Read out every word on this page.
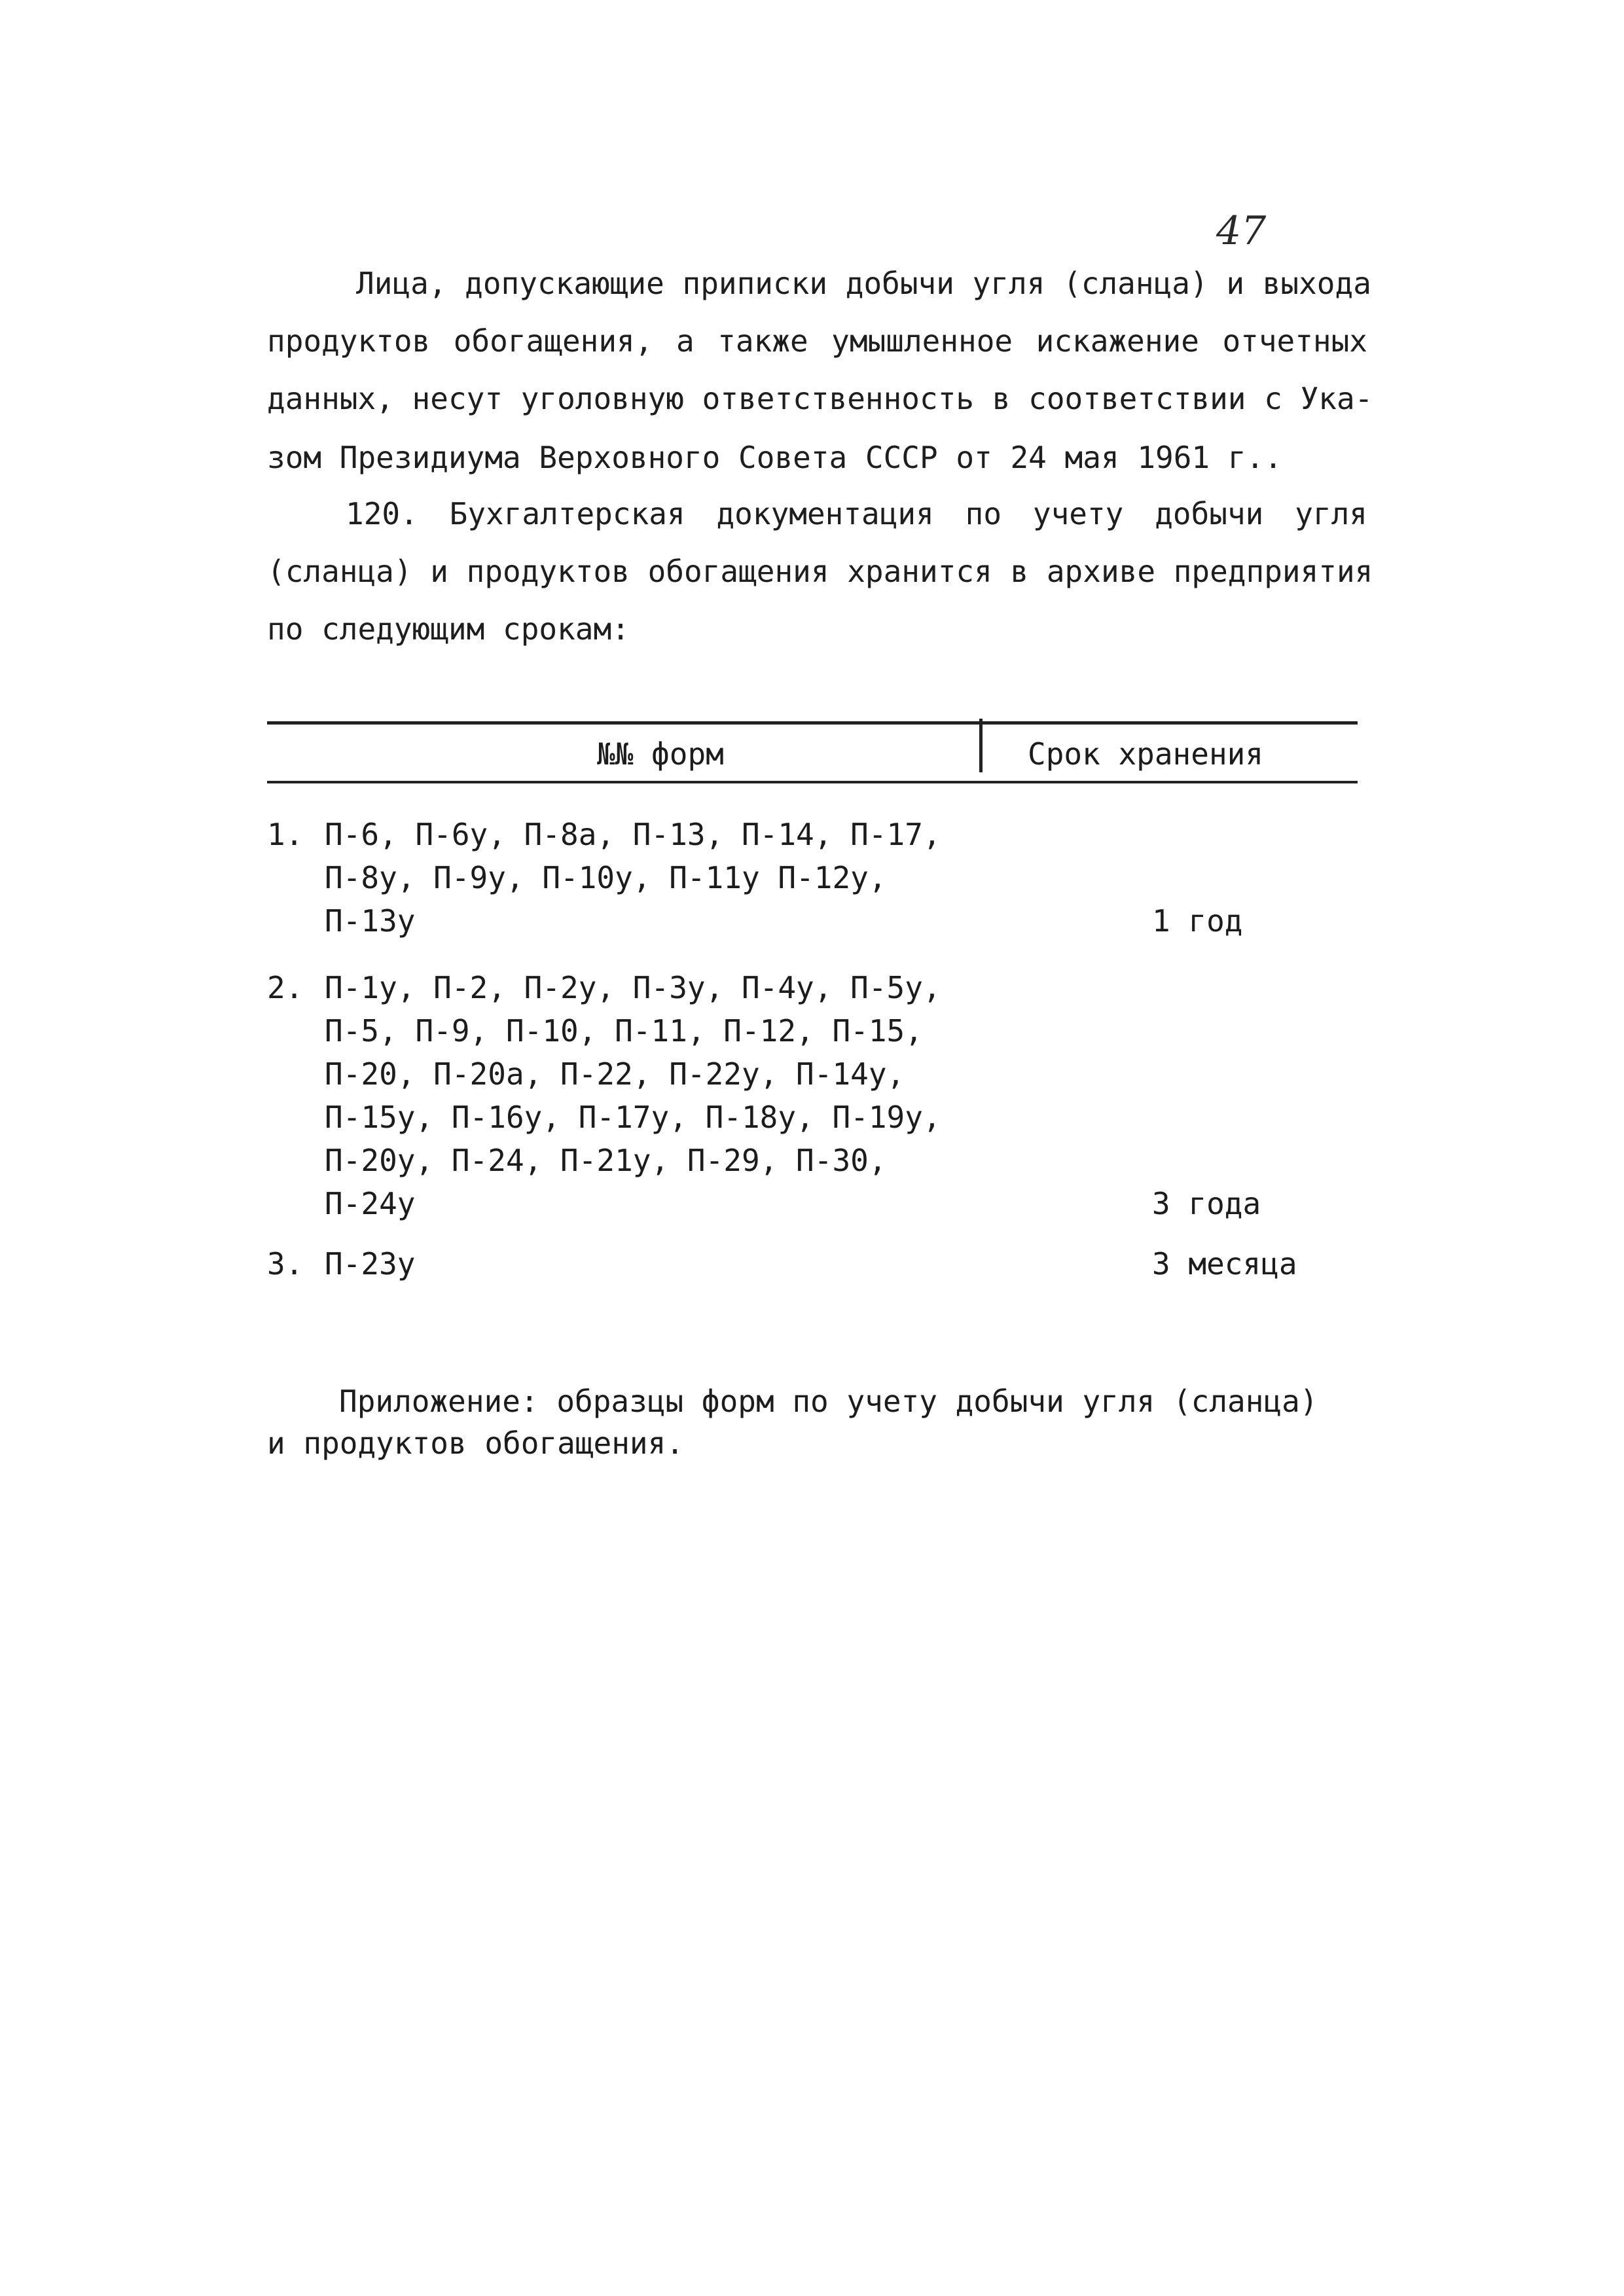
47
Лица, допускающие приписки добычи угля (сланца) и выхода
продуктов обогащения, а также умышленное искажение отчетных
данных, несут уголовную ответственность в соответствии с Ука-
зом Президиума Верховного Совета СССР от 24 мая 1961 г..
120. Бухгалтерская документация по учету добычи угля
(сланца) и продуктов обогащения хранится в архиве предприятия
по следующим срокам:
№№ форм	Срок хранения
1. П-6, П-6у, П-8а, П-13, П-14, П-17,
П-8у, П-9у, П-10у, П-11у П-12у,
П-13у	1 год
2. П-1у, П-2, П-2у, П-3у, П-4у, П-5у,
П-5, П-9, П-10, П-11, П-12, П-15,
П-20, П-20а, П-22, П-22у, П-14у,
П-15у, П-16у, П-17у, П-18у, П-19у,
П-20у, П-24, П-21у, П-29, П-30,
П-24у	3 года
3. П-23у	3 месяца
Приложение: образцы форм по учету добычи угля (сланца)
и продуктов обогащения.
